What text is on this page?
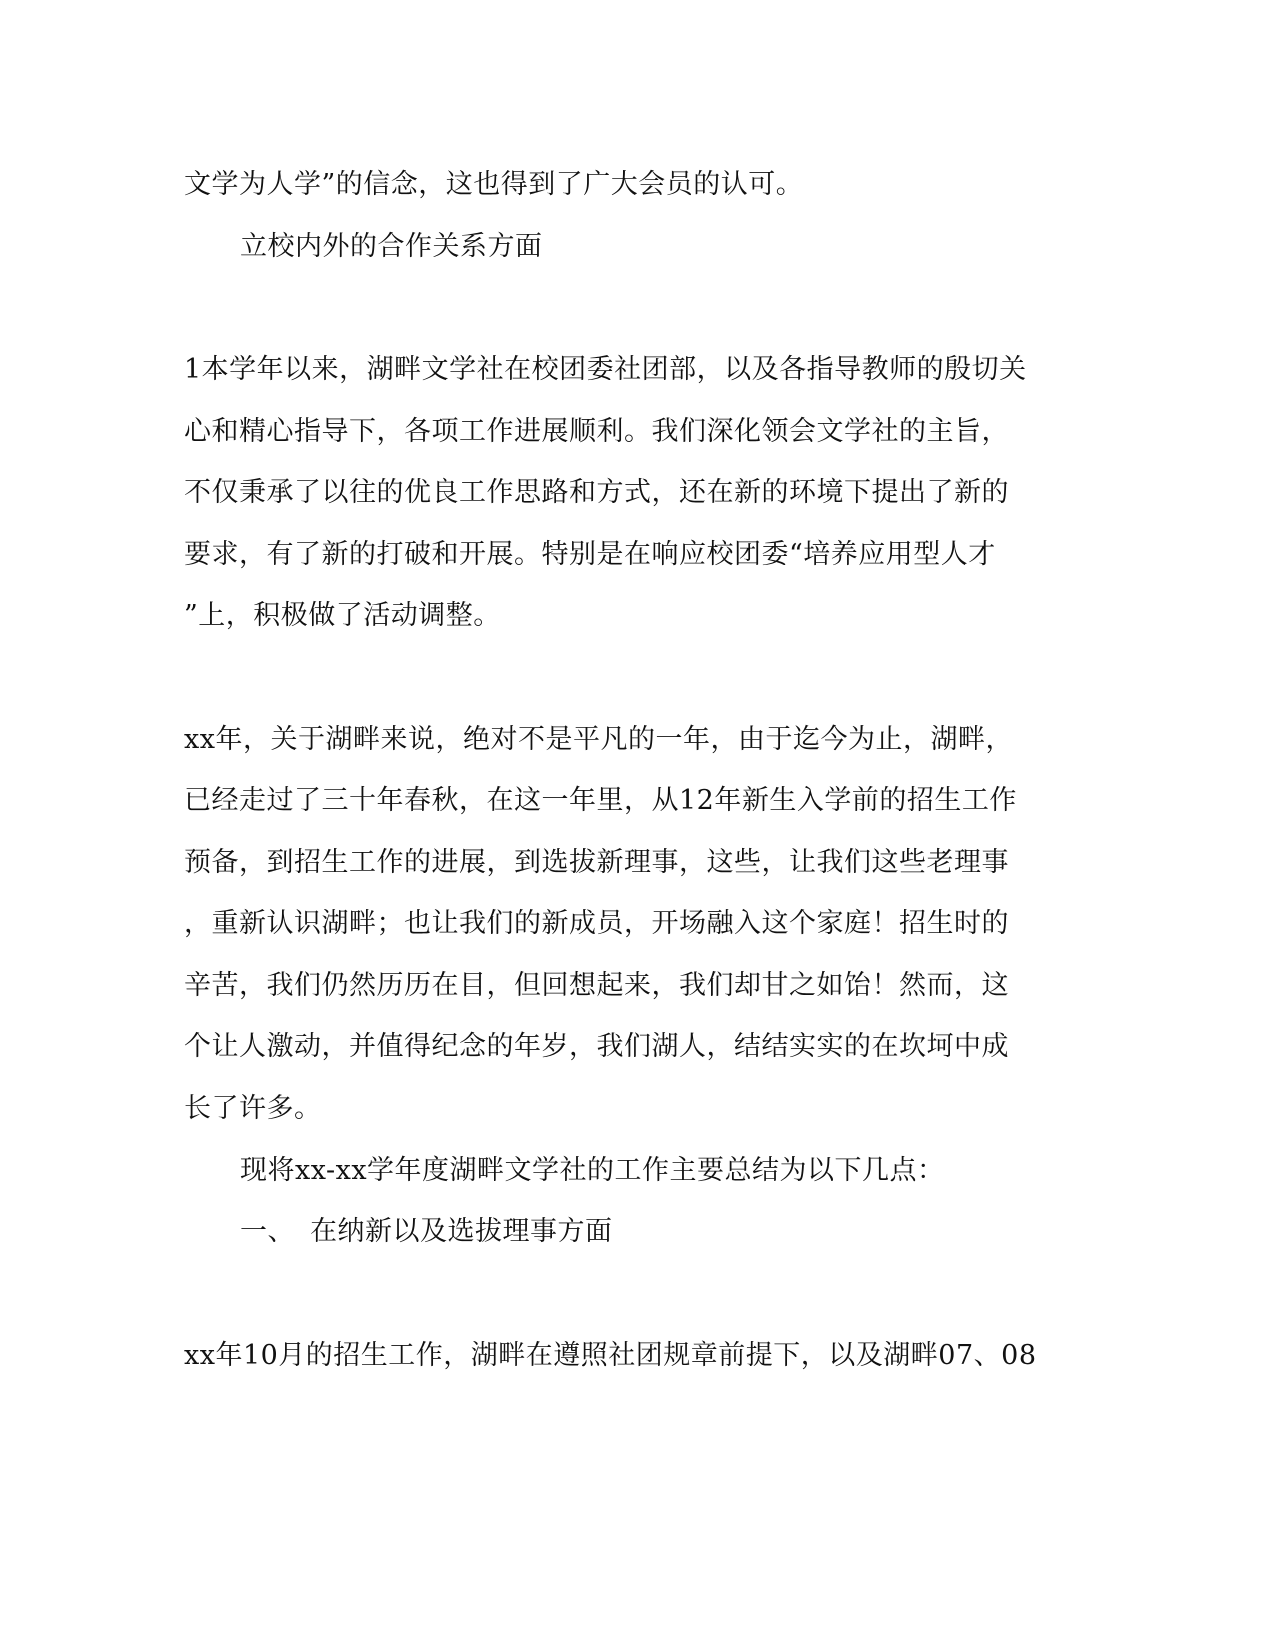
文学为人学”的信念，这也得到了广大会员的认可。
立校内外的合作关系方面
1本学年以来，湖畔文学社在校团委社团部，以及各指导教师的殷切关
心和精心指导下，各项工作进展顺利。我们深化领会文学社的主旨，
不仅秉承了以往的优良工作思路和方式，还在新的环境下提出了新的
要求，有了新的打破和开展。特别是在响应校团委“培养应用型人才
”上，积极做了活动调整。
xx年，关于湖畔来说，绝对不是平凡的一年，由于迄今为止，湖畔，
已经走过了三十年春秋，在这一年里，从12年新生入学前的招生工作
预备，到招生工作的进展，到选拔新理事，这些，让我们这些老理事
，重新认识湖畔；也让我们的新成员，开场融入这个家庭！招生时的
辛苦，我们仍然历历在目，但回想起来，我们却甘之如饴！然而，这
个让人激动，并值得纪念的年岁，我们湖人，结结实实的在坎坷中成
长了许多。
现将xx-xx学年度湖畔文学社的工作主要总结为以下几点：
一、 在纳新以及选拔理事方面
xx年10月的招生工作，湖畔在遵照社团规章前提下，以及湖畔07、08
